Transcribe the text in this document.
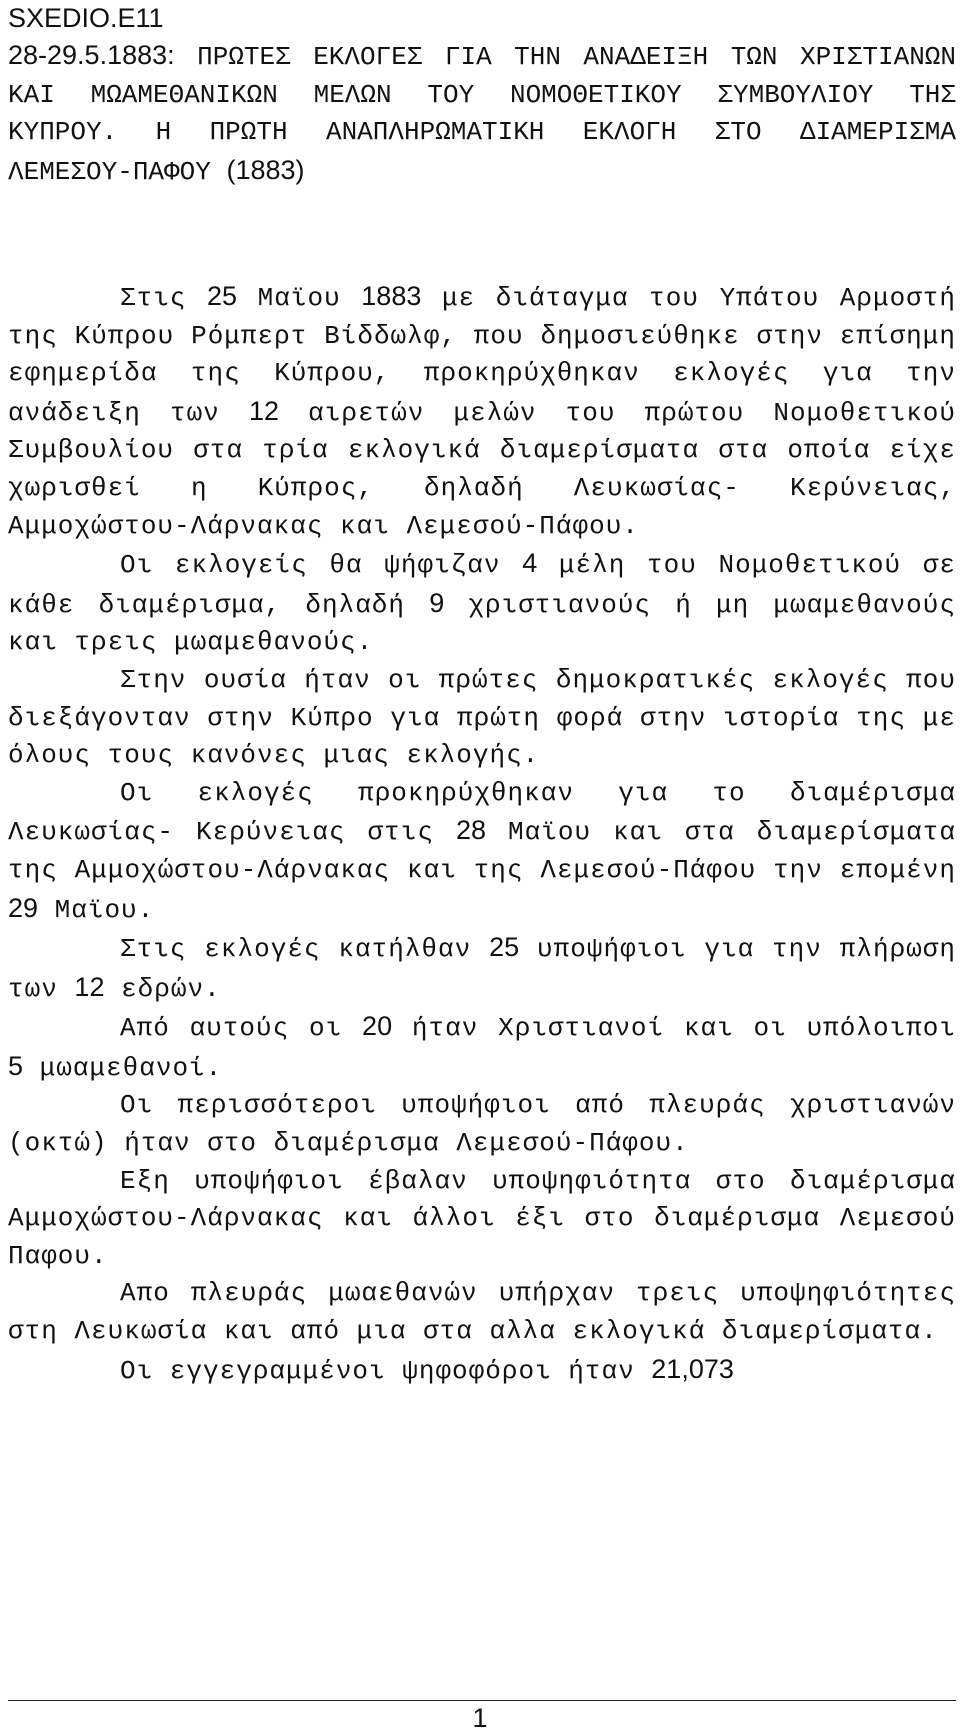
SXEDIO.E11
28-29.5.1883: ΠΡΩΤΕΣ ΕΚΛΟΓΕΣ ΓΙΑ ΤΗΝ ΑΝΑΔΕΙΞΗ ΤΩΝ ΧΡΙΣΤΙΑΝΩΝ ΚΑΙ ΜΩΑΜΕΘΑΝΙΚΩΝ ΜΕΛΩΝ ΤΟΥ ΝΟΜΟΘΕΤΙΚΟΥ ΣΥΜΒΟΥΛΙΟΥ ΤΗΣ ΚΥΠΡΟΥ. Η ΠΡΩΤΗ ΑΝΑΠΛΗΡΩΜΑΤΙΚΗ ΕΚΛΟΓΗ ΣΤΟ ΔΙΑΜΕΡΙΣΜΑ ΛΕΜΕΣΟΥ-ΠΑΦΟΥ (1883)

Στις 25 Μαϊου 1883 με διάταγμα του Υπάτου Αρμοστή της Κύπρου Ρόμπερτ Βίδδωλφ, που δημοσιεύθηκε στην επίσημη εφημερίδα της Κύπρου, προκηρύχθηκαν εκλογές για την ανάδειξη των 12 αιρετών μελών του πρώτου Νομοθετικού Συμβουλίου στα τρία εκλογικά διαμερίσματα στα οποία είχε χωρισθεί η Κύπρος, δηλαδή Λευκωσίας- Κερύνειας, Αμμοχώστου-Λάρνακας και Λεμεσού-Πάφου.

Οι εκλογείς θα ψήφιζαν 4 μέλη του Νομοθετικού σε κάθε διαμέρισμα, δηλαδή 9 χριστιανούς ή μη μωαμεθανούς και τρεις μωαμεθανούς.

Στην ουσία ήταν οι πρώτες δημοκρατικές εκλογές που διεξάγονταν στην Κύπρο για πρώτη φορά στην ιστορία της με όλους τους κανόνες μιας εκλογής.

Οι εκλογές προκηρύχθηκαν για το διαμέρισμα Λευκωσίας- Κερύνειας στις 28 Μαϊου και στα διαμερίσματα της Αμμοχώστου-Λάρνακας και της Λεμεσού-Πάφου την επομένη 29 Μαϊου.

Στις εκλογές κατήλθαν 25 υποψήφιοι για την πλήρωση των 12 εδρών.

Από αυτούς οι 20 ήταν Χριστιανοί και οι υπόλοιποι 5 μωαμεθανοί.

Οι περισσότεροι υποψήφιοι από πλευράς χριστιανών (οκτώ) ήταν στο διαμέρισμα Λεμεσού-Πάφου.

Εξη υποψήφιοι έβαλαν υποψηφιότητα στο διαμέρισμα Αμμοχώστου-Λάρνακας και άλλοι έξι στο διαμέρισμα Λεμεσού Παφου.

Απο πλευράς μωαεθανών υπήρχαν τρεις υποψηφιότητες στη Λευκωσία και από μια στα αλλα εκλογικά διαμερίσματα.

Οι εγγεγραμμένοι ψηφοφόροι ήταν 21,073

1
